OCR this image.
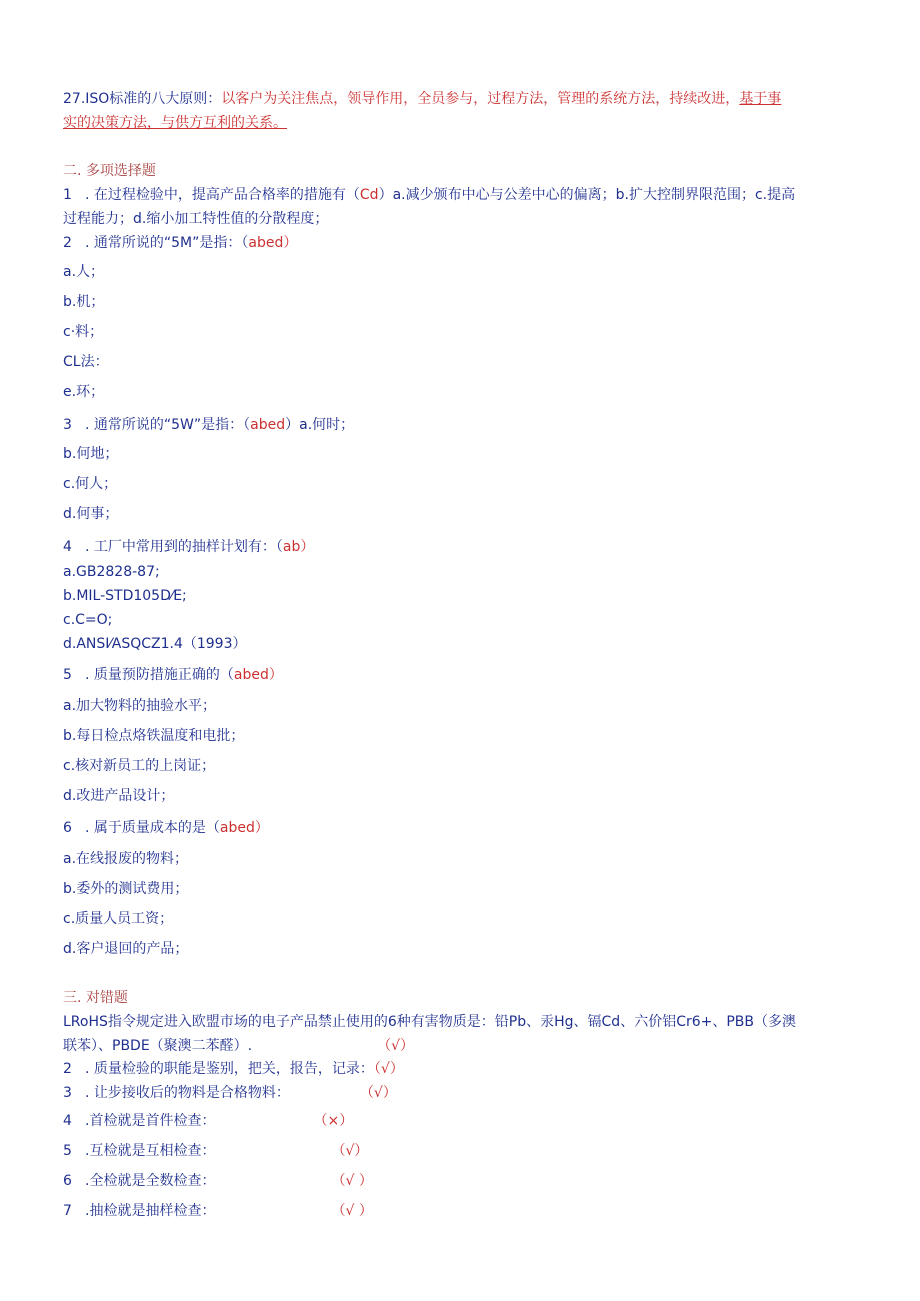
27.ISO标准的八大原则：以客户为关注焦点，领导作用，全员参与，过程方法，管理的系统方法，持续改进，基于事
实的决策方法，与供方互利的关系。
二. 多项选择题
1 . 在过程检验中，提高产品合格率的措施有（Cd）a.减少颁布中心与公差中心的偏离；b.扩大控制界限范围；c.提高
过程能力；d.缩小加工特性值的分散程度；
2 . 通常所说的“5M”是指：（abed）
a.人；
b.机；
c·料；
CL法：
e.环；
3 . 通常所说的“5W”是指：（abed）a.何时；
b.何地；
c.何人；
d.何事；
4 . 工厂中常用到的抽样计划有：（ab）
a.GB2828-87;
b.MIL-STD105D⁄E;
c.C=O;
d.ANSI⁄ASQCZ1.4（1993）
5 . 质量预防措施正确的（abed）
a.加大物料的抽验水平；
b.每日检点烙铁温度和电批；
c.核对新员工的上岗证；
d.改进产品设计；
6 . 属于质量成本的是（abed）
a.在线报废的物料；
b.委外的测试费用；
c.质量人员工资；
d.客户退回的产品；
三. 对错题
LRoHS指令规定进入欧盟市场的电子产品禁止使用的6种有害物质是：铅Pb、汞Hg、镉Cd、六价铝Cr6+、PBB（多澳
联苯）、PBDE（聚澳二苯醛）.	（√）
2 . 质量检验的职能是鉴别，把关，报告，记录：（√）
3 . 让步接收后的物料是合格物料：	（√）
4 .首检就是首件检查：	（×）
5 .互检就是互相检查：	（√）
6 .全检就是全数检查：	（√ ）
7 .抽检就是抽样检查：	（√ ）
